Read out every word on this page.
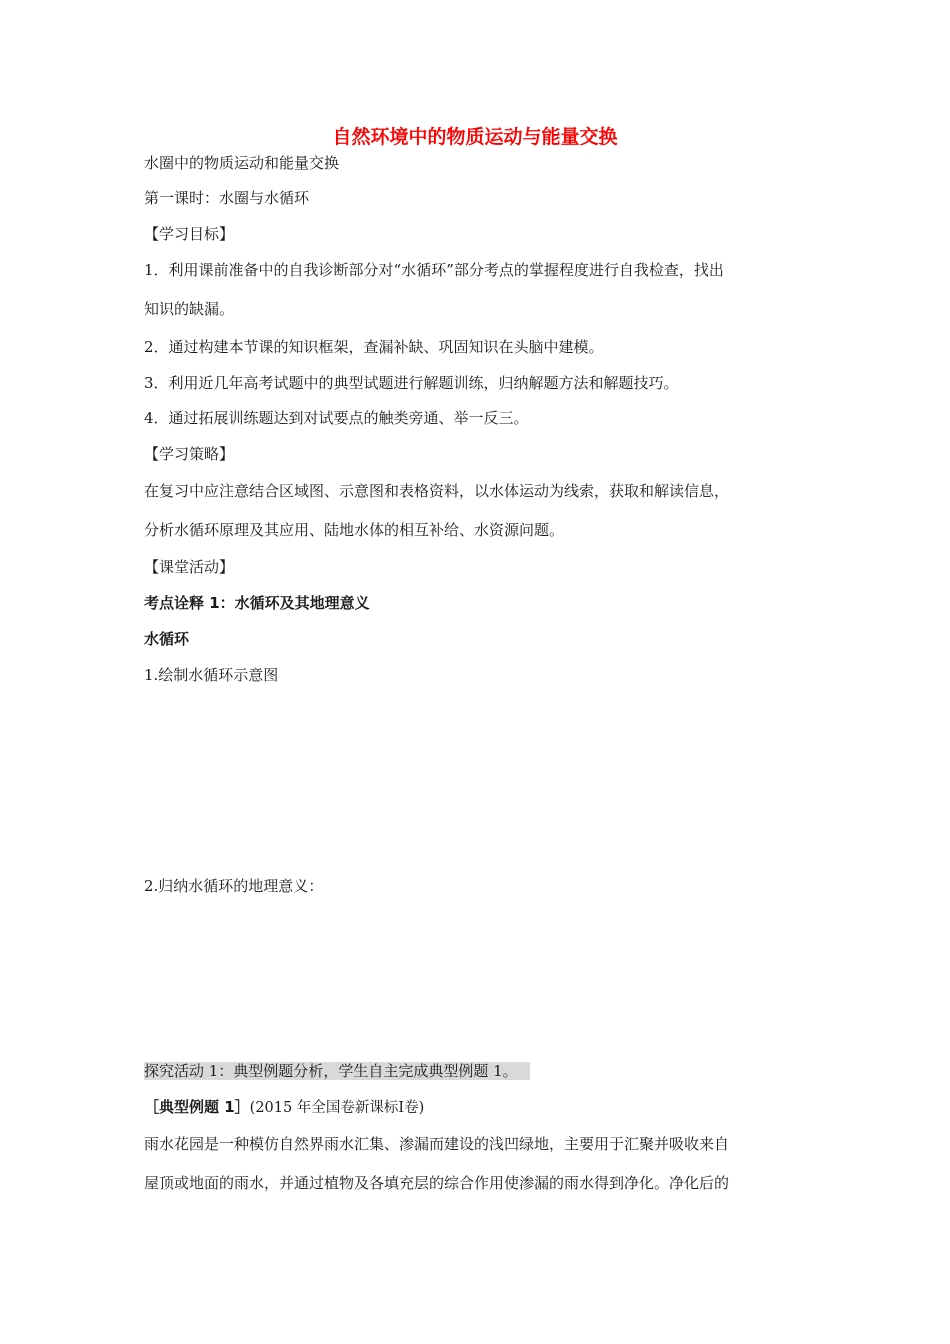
自然环境中的物质运动与能量交换
水圈中的物质运动和能量交换
第一课时：水圈与水循环
【学习目标】
1．利用课前准备中的自我诊断部分对“水循环”部分考点的掌握程度进行自我检查，找出
知识的缺漏。
2．通过构建本节课的知识框架，查漏补缺、巩固知识在头脑中建模。
3．利用近几年高考试题中的典型试题进行解题训练，归纳解题方法和解题技巧。
4．通过拓展训练题达到对试要点的触类旁通、举一反三。
【学习策略】
在复习中应注意结合区域图、示意图和表格资料，以水体运动为线索，获取和解读信息，
分析水循环原理及其应用、陆地水体的相互补给、水资源问题。
【课堂活动】
考点诠释 1：水循环及其地理意义
水循环
1.绘制水循环示意图
2.归纳水循环的地理意义：
探究活动 1：典型例题分析，学生自主完成典型例题 1。
［典型例题 1］(2015 年全国卷新课标Ⅰ卷)
雨水花园是一种模仿自然界雨水汇集、渗漏而建设的浅凹绿地，主要用于汇聚并吸收来自
屋顶或地面的雨水，并通过植物及各填充层的综合作用使渗漏的雨水得到净化。净化后的
